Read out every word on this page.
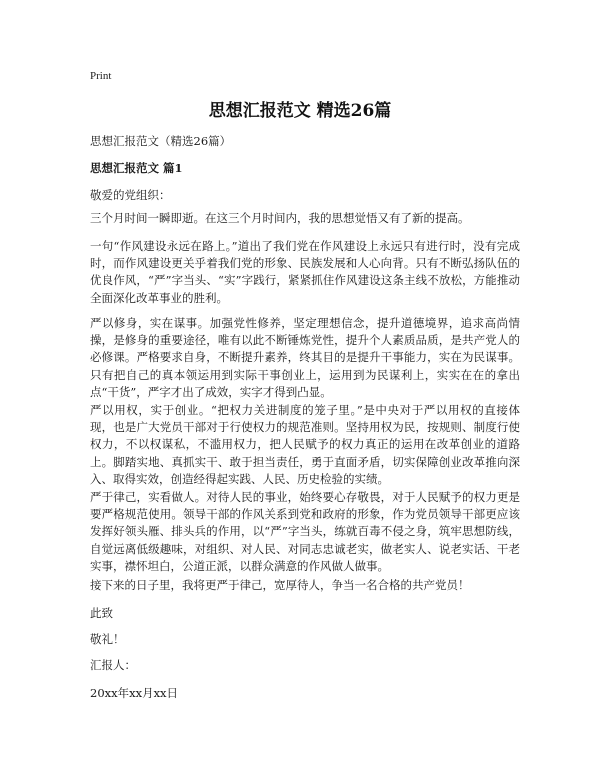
Print
思想汇报范文 精选26篇
思想汇报范文（精选26篇）
思想汇报范文 篇1
敬爱的党组织：

三个月时间一瞬即逝。在这三个月时间内，我的思想觉悟又有了新的提高。

一句“作风建设永远在路上。”道出了我们党在作风建设上永远只有进行时，没有完成时，而作风建设更关乎着我们党的形象、民族发展和人心向背。只有不断弘扬队伍的优良作风，“严”字当头、“实”字践行，紧紧抓住作风建设这条主线不放松，方能推动全面深化改革事业的胜利。

严以修身，实在谋事。加强党性修养，坚定理想信念，提升道德境界，追求高尚情操，是修身的重要途径，唯有以此不断锤炼党性，提升个人素质品质，是共产党人的必修课。严格要求自身，不断提升素养，终其目的是提升干事能力，实在为民谋事。只有把自己的真本领运用到实际干事创业上，运用到为民谋利上，实实在在的拿出点“干货”，严字才出了成效，实字才得到凸显。

严以用权，实于创业。“把权力关进制度的笼子里。”是中央对于严以用权的直接体现，也是广大党员干部对于行使权力的规范准则。坚持用权为民，按规则、制度行使权力，不以权谋私，不滥用权力，把人民赋予的权力真正的运用在改革创业的道路上。脚踏实地、真抓实干、敢于担当责任，勇于直面矛盾，切实保障创业改革推向深入、取得实效，创造经得起实践、人民、历史检验的实绩。

严于律己，实看做人。对待人民的事业，始终要心存敬畏，对于人民赋予的权力更是要严格规范使用。领导干部的作风关系到党和政府的形象，作为党员领导干部更应该发挥好领头雁、排头兵的作用，以“严”字当头，练就百毒不侵之身，筑牢思想防线，自觉远离低级趣味，对组织、对人民、对同志忠诚老实，做老实人、说老实话、干老实事，襟怀坦白，公道正派，以群众满意的作风做人做事。

接下来的日子里，我将更严于律己，宽厚待人，争当一名合格的共产党员！

此致
敬礼！
汇报人：
20xx年xx月xx日
